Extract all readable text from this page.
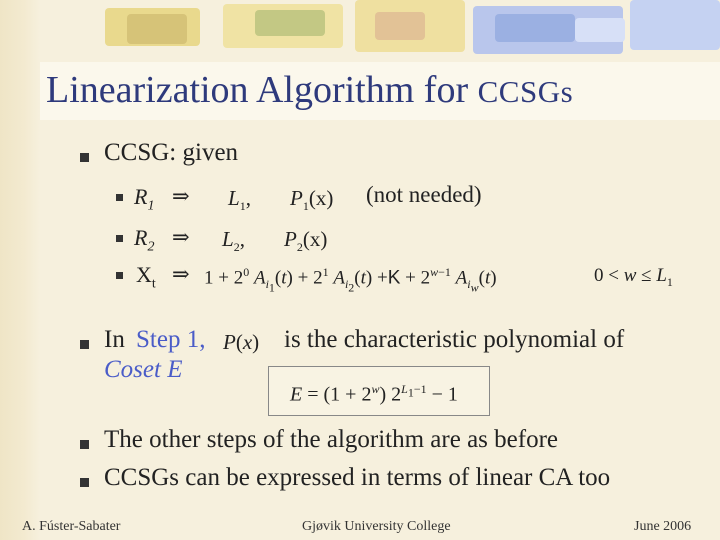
Linearization Algorithm for CCSGs
CCSG: given
$R_1$ ⇒ $L_1$, $P_1(x)$ (not needed)
$R_2$ ⇒ $L_2$, $P_2(x)$
$X_t$ ⇒ $1 + 2^0$ $A_{i_1}(t) + 2^1$ $A_{i_2}(t) +K + 2^{w-1}$ $A_{i_w}(t)$	$0 < w \le L_1$
In Step 1, P(x) is the characteristic polynomial of
Coset E
$E = (1 + 2^w)$ $2^{L_1-1} - 1$
The other steps of the algorithm are as before
CCSGs can be expressed in terms of linear CA too
A. Fúster-Sabater	Gjøvik University College	June 2006
